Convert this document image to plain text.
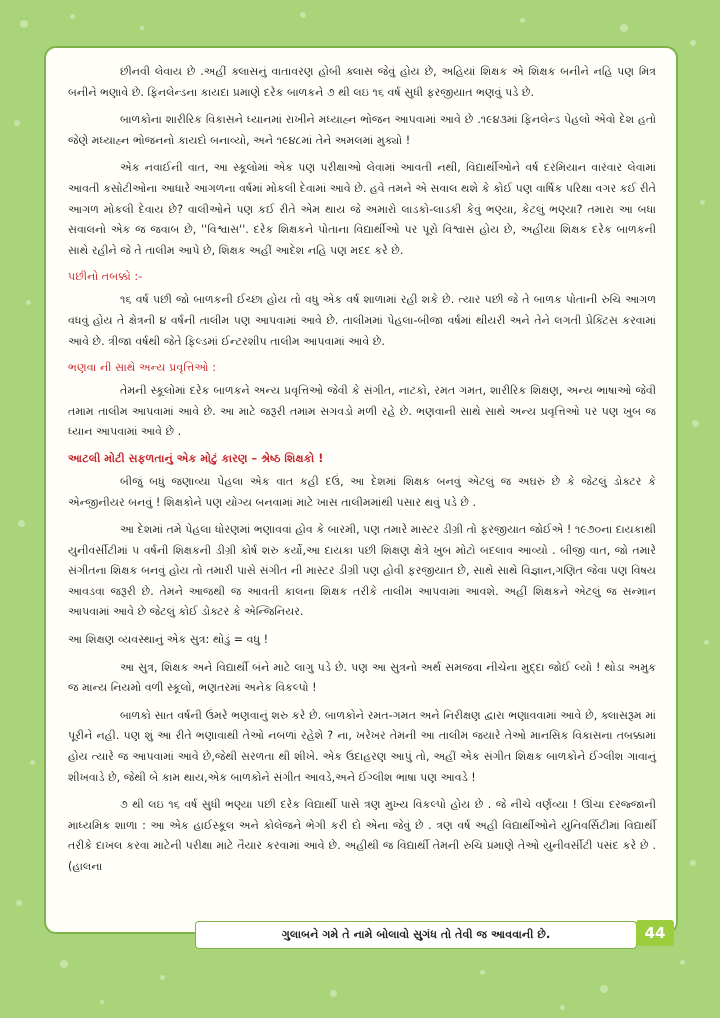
છીનવી લેવાય છે .અહીં ક્લાસનું વાતાવરણ હોબી ક્લાસ જેવું હોય છે, અહિયાં શિક્ષક એ શિક્ષક બનીને નહિ પણ મિત્ર બનીને ભણાવે છે. ફિનલેન્ડના કાયદા પ્રમાણે દરેક બાળકને ૭ થી લઇ ૧૬ વર્ષ સુધી ફરજીયાત ભણવું પડે છે.

બાળકોના શારીરિક વિકાસને ધ્યાનમાં રાખીને મધ્યાહ્ન ભોજન આપવામાં આવે છે .૧૯૪૩માં ફિનલેન્ડ પેહલો એવો દેશ હતો જેણે મધ્યાહ્ન ભોજનનો કાયદો બનાવ્યો, અને ૧૯૪૮માં તેને અમલમાં મુક્યો !

એક નવાઈની વાત, આ સ્કૂલોમાં એક પણ પરીક્ષાઓ લેવામાં આવતી નથી, વિદ્યાર્થીઓને વર્ષ દરમિયાન વારંવાર લેવામાં આવતી કસોટીઓના આધારે આગળના વર્ષમાં મોકલી દેવામાં આવે છે. હવે તમને એ સવાલ થશે કે કોઈ પણ વાર્ષિક પરિક્ષા વગર કઈ રીતે આગળ મોકલી દેવાય છે? વાલીઓને પણ કઈ રીતે એમ થાય જે અમારો લાડકો-લાડકી કેવું ભણ્યા, કેટલું ભણ્યા? તમારા આ બધા સવાલનો એક જ જવાબ છે, ''વિશ્વાસ''. દરેક શિક્ષકને પોતાના વિદ્યાર્થીઓ પર પૂરો વિશ્વાસ હોય છે, અહીંયા શિક્ષક દરેક બાળકની સાથે રહીને જે તે તાલીમ આપે છે, શિક્ષક અહીં આદેશ નહિ પણ મદદ કરે છે.

પછીનો તબક્કો :-

૧૬ વર્ષ પછી જો બાળકની ઈચ્છા હોય તો વધુ એક વર્ષ શાળામાં રહી શકે છે. ત્યાર પછી જે તે બાળક પોતાની રુચિ આગળ વધવું હોય તે ક્ષેત્રની ૪ વર્ષની તાલીમ પણ આપવામાં આવે છે. તાલીમમાં પેહલા-બીજા વર્ષમાં થીયરી અને તેને લગતી પ્રેક્ટિસ કરવામાં આવે છે. ત્રીજા વર્ષથી જેતે ફિલ્ડમાં ઈન્ટરશીપ તાલીમ આપવામાં આવે છે.

ભણવા ની સાથે અન્ય પ્રવૃત્તિઓ :

તેમની સ્કૂલોમાં દરેક બાળકને અન્ય પ્રવૃત્તિઓ જેવી કે સંગીત, નાટકો, રમત ગમત, શારીરિક શિક્ષણ, અન્ય ભાષાઓ જેવી તમામ તાલીમ આપવામાં આવે છે. આ માટે જરૂરી તમામ સગવડો મળી રહે છે. ભણવાની સાથે સાથે અન્ય પ્રવૃત્તિઓ પર પણ ખુબ જ ધ્યાન આપવામાં આવે છે .

આટલી મોટી સફળતાનું એક મોટું કારણ – શ્રેષ્ઠ શિક્ષકો !

બીજું બધું જણાવ્યા પેહલા એક વાત કહી દઉં, આ દેશમાં શિક્ષક બનવું એટલું જ અઘરું છે કે જેટલું ડોક્ટર કે એન્જીનીયર બનવું ! શિક્ષકોને પણ યોગ્ય બનવામાં માટે ખાસ તાલીમમાંથી પસાર થવું પડે છે .

આ દેશમાં તમે પેહલા ધોરણમાં ભણાવવાં હોવ કે બારમી, પણ તમારે માસ્ટર ડીગ્રી તો ફરજીયાત જોઈએ ! ૧૯૭૦ના દાયકાથી યુનીવર્સીટીમાં ૫ વર્ષની શિક્ષકની ડીગ્રી કોર્ષ શરુ કર્યો,આ દાયકા પછી શિક્ષણ ક્ષેત્રે ખુબ મોટો બદલાવ આવ્યો . બીજી વાત, જો તમારે સંગીતના શિક્ષક બનવું હોય તો તમારી પાસે સંગીત ની માસ્ટર ડીગ્રી પણ હોવી ફરજીયાત છે, સાથે સાથે વિજ્ઞાન,ગણિત જેવા પણ વિષય આવડવા જરૂરી છે. તેમને આજથી જ આવતી કાલના શિક્ષક તરીકે તાલીમ આપવામાં આવશે. અહીં શિક્ષકને એટલું જ સન્માન આપવામાં આવે છે જેટલું કોઈ ડોક્ટર કે એન્જિનિયર.

આ શિક્ષણ વ્યવસ્થાનું એક સુત્ર: થોડું = વધુ !

આ સુત્ર, શિક્ષક અને વિદ્યાર્થી બંને માટે લાગુ પડે છે. પણ આ સુત્રનો અર્થ સમજવા નીચેના મુદ્દા જોઈ લ્યો ! થોડા અમુક જ માન્ય નિયમો વળી સ્કૂલો, ભણતરમાં અનેક વિકલ્પો !

બાળકો સાત વર્ષની ઉંમરે ભણવાનું શરુ કરે છે. બાળકોને રમત-ગમત અને નિરીક્ષણ દ્વારા ભણાવવામાં આવે છે, ક્લાસરૂમ માં પૂરીને નહી. પણ શું આ રીતે ભણાવાથી તેઓ નબળાં રહેશે ? ના, ખરેખર તેમની આ તાલીમ જયારે તેઓ માનસિક વિકાસના તબક્કામાં હોય ત્યારે જ આપવામાં આવે છે,જેથી સરળતા થી શીખે. એક ઉદાહરણ આપું તો, અહીં એક સંગીત શિક્ષક બાળકોને ઈંગ્લીશ ગાવાનું શીખવાડે છે, જેથી બે કામ થાય,એક બાળકોને સંગીત આવડે,અને ઈંગ્લીશ ભાષા પણ આવડે !

૭ થી લઇ ૧૬ વર્ષ સુધી ભણ્યા પછી દરેક વિદ્યાર્થી પાસે ત્રણ મુખ્ય વિકલ્પો હોય છે . જે નીચે વર્ણવ્યા ! ઊંચા દરજ્જાની માધ્યમિક શાળા : આ એક હાઈસ્કૂલ અને કોલેજને ભેગી કરી દો એના જેવું છે . ત્રણ વર્ષ અહી વિદ્યાર્થીઓને યુનિવર્સિટીમાં વિદ્યાર્થી તરીકે દાખલ કરવા માટેની પરીક્ષા માટે તૈયાર કરવામાં આવે છે. અહીથી જ વિદ્યાર્થી તેમની રુચિ પ્રમાણે તેઓ યુનીવર્સીટી પસંદ કરે છે .(હાલના

ગુલાબને ગમે તે નામે બોલાવો સુગંધ તો તેવી જ આવવાની છે.	44
